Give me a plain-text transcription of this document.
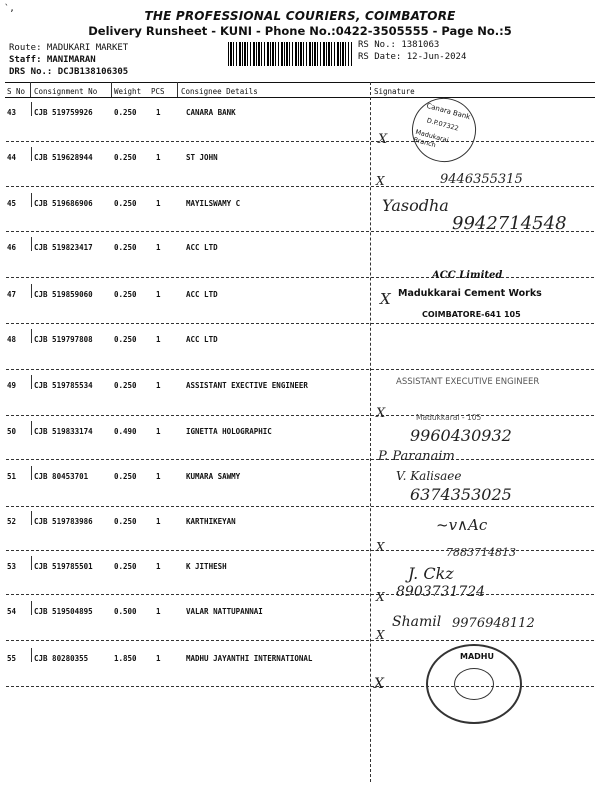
`,	THE PROFESSIONAL COURIERS, COIMBATORE
Delivery Runsheet - KUNI - Phone No.:0422-3505555 - Page No.:5
Route: MADUKARI MARKET
Staff: MANIMARAN
DRS No.: DCJB138106305
RS No.: 1381063
RS Date: 12-Jun-2024
S No Consignment No Weight PCS Consignee Details	Signature
43 CJB 519759926	0.250	1	CANARA BANK
44 CJB 519628944	0.250	1	ST JOHN
45 CJB 519686906	0.250	1	MAYILSWAMY C
46 CJB 519823417	0.250	1	ACC LTD
47 CJB 519859060	0.250	1	ACC LTD
48 CJB 519797808	0.250	1	ACC LTD
49 CJB 519785534	0.250	1	ASSISTANT EXECTIVE ENGINEER
50 CJB 519833174	0.490	1	IGNETTA HOLOGRAPHIC
51 CJB 80453701	0.250	1	KUMARA SAWMY
52 CJB 519783986	0.250	1	KARTHIKEYAN
53 CJB 519785501	0.250	1	K JITHESH
54 CJB 519504895	0.500	1	VALAR NATTUPANNAI
55 CJB 80280355	1.850	1	MADHU JAYANTHI INTERNATIONAL
Canara Bank
D.P.07322
Madukarai Branch
X
X	9446355315
Yasodha
9942714548
ACC Limited
Madukkarai Cement Works
COIMBATORE-641 105
X
ASSISTANT EXECUTIVE ENGINEER
Madukkarai - 105
X
9960430932
P. Paranaim
V. Kalisaee
6374353025
~v∧Ac
X	7883714813
J. Ckz
X 8903731724
X
Shamil 9976948112
X
MADHU
